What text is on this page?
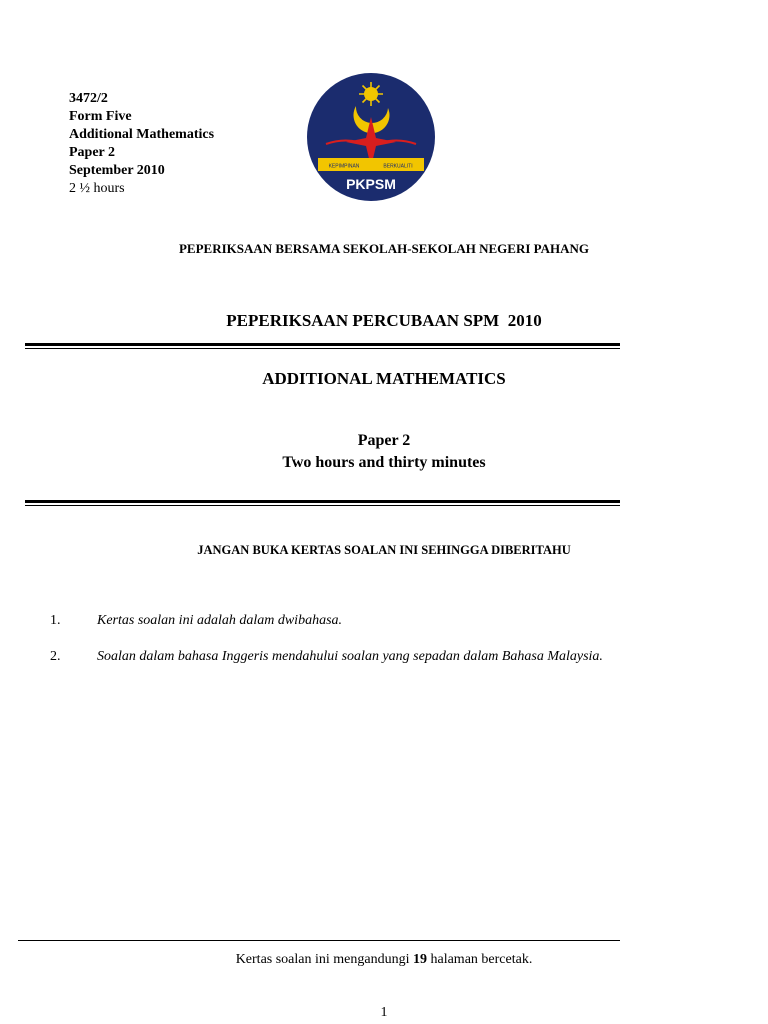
3472/2
Form Five
Additional Mathematics
Paper 2
September 2010
2 ½ hours
KEPIMPINAN	BERKUALITI
PKPSM
PEPERIKSAAN BERSAMA SEKOLAH-SEKOLAH NEGERI PAHANG
PEPERIKSAAN PERCUBAAN SPM  2010
ADDITIONAL MATHEMATICS
Paper 2
Two hours and thirty minutes
JANGAN BUKA KERTAS SOALAN INI SEHINGGA DIBERITAHU
1.	Kertas soalan ini adalah dalam dwibahasa.
2.	Soalan dalam bahasa Inggeris mendahului soalan yang sepadan dalam Bahasa Malaysia.
Kertas soalan ini mengandungi 19 halaman bercetak.
1
